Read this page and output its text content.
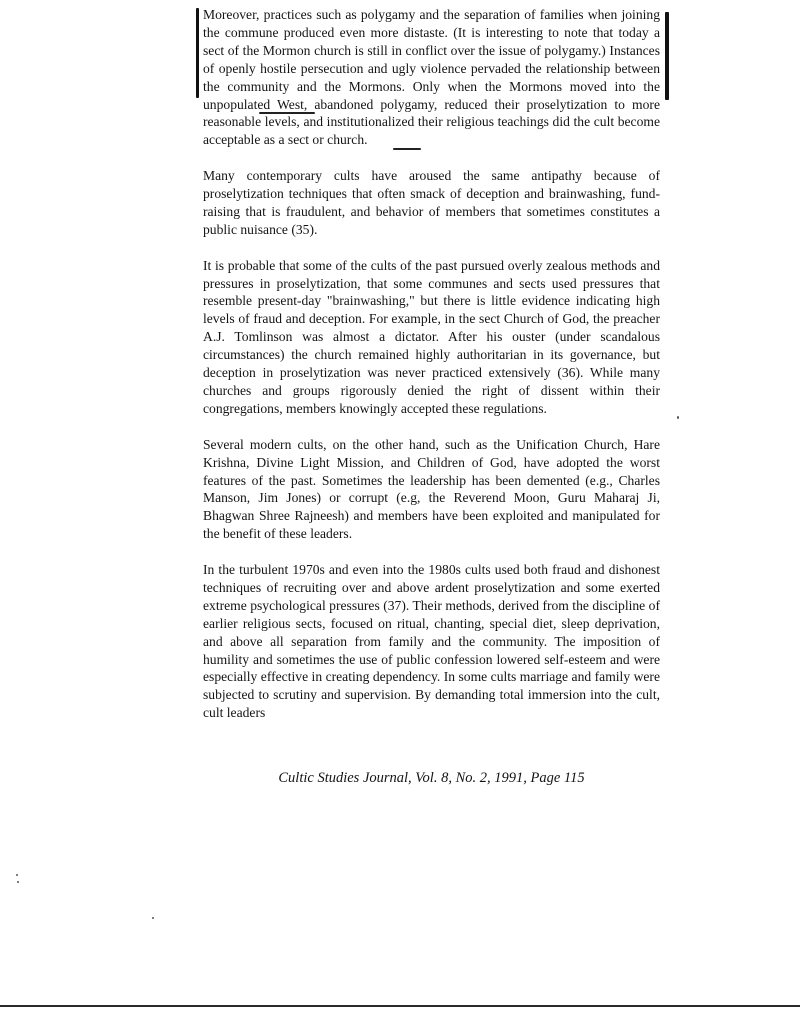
Moreover, practices such as polygamy and the separation of families when joining the commune produced even more distaste. (It is interesting to note that today a sect of the Mormon church is still in conflict over the issue of polygamy.) Instances of openly hostile persecution and ugly violence pervaded the relationship between the community and the Mormons. Only when the Mormons moved into the unpopulated West, abandoned polygamy, reduced their proselytization to more reasonable levels, and institutionalized their religious teachings did the cult become acceptable as a sect or church.

Many contemporary cults have aroused the same antipathy because of proselytization techniques that often smack of deception and brainwashing, fund-raising that is fraudulent, and behavior of members that sometimes constitutes a public nuisance (35).

It is probable that some of the cults of the past pursued overly zealous methods and pressures in proselytization, that some communes and sects used pressures that resemble present-day "brainwashing," but there is little evidence indicating high levels of fraud and deception. For example, in the sect Church of God, the preacher A.J. Tomlinson was almost a dictator. After his ouster (under scandalous circumstances) the church remained highly authoritarian in its governance, but deception in proselytization was never practiced extensively (36). While many churches and groups rigorously denied the right of dissent within their congregations, members knowingly accepted these regulations.

Several modern cults, on the other hand, such as the Unification Church, Hare Krishna, Divine Light Mission, and Children of God, have adopted the worst features of the past. Sometimes the leadership has been demented (e.g., Charles Manson, Jim Jones) or corrupt (e.g, the Reverend Moon, Guru Maharaj Ji, Bhagwan Shree Rajneesh) and members have been exploited and manipulated for the benefit of these leaders.

In the turbulent 1970s and even into the 1980s cults used both fraud and dishonest techniques of recruiting over and above ardent proselytization and some exerted extreme psychological pressures (37). Their methods, derived from the discipline of earlier religious sects, focused on ritual, chanting, special diet, sleep deprivation, and above all separation from family and the community. The imposition of humility and sometimes the use of public confession lowered self-esteem and were especially effective in creating dependency. In some cults marriage and family were subjected to scrutiny and supervision. By demanding total immersion into the cult, cult leaders

Cultic Studies Journal, Vol. 8, No. 2, 1991, Page 115
